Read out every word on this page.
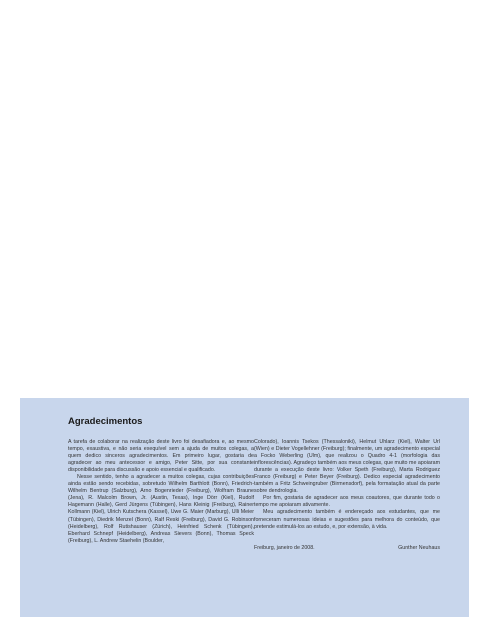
Agradecimentos

A tarefa de colaborar na realização deste livro foi desafiadora e, ao mesmo tempo, exaustiva, e não seria exequível sem a ajuda de muitos colegas, a quem dedico sinceros agradecimentos. Em primeiro lugar, gostaria de agradecer ao meu antecessor e amigo, Peter Sitte, por sua constante disponibilidade para discussão e apoio essencial e qualificado.

Nesse sentido, tenho a agradecer a muitos colegas, cujas contribuições ainda estão sendo recebidas, sobretudo Wilhelm Barthlott (Bonn), Friedrich-Wilhelm Bentrup (Salzburg), Arno Bogenrieder (Freiburg), Wolfram Braune (Jena), R. Malcolm Brown, Jr. (Austin, Texas), Inge Dörr (Kiel), Rudolf Hagemann (Halle), Gerd Jürgens (Tübingen), Hans Kleinig (Freiburg), Rainer Kollmann (Kiel), Ulrich Kutschera (Kassel), Uwe G. Maier (Marburg), Ulli Meier (Tübingen), Diedrik Menzel (Bonn), Ralf Reski (Freiburg), David G. Robinson (Heidelberg), Rolf Rutishauser (Zürich), Heinfried Schenk (Tübingen), Eberhard Schnepf (Heidelberg), Andreas Sievers (Bonn), Thomas Speck (Freiburg), L. Andrew Staehelin (Boulder,

Colorado), Ioannis Tsekos (Thessaloniki), Helmut Uhlarz (Kiel), Walter Url (Wien) e Dieter Vogellehner (Freiburg); finalmente, um agradecimento especial a Focko Weberling (Ulm), que realizou o Quadro 4-1 (morfologia das inflorescências). Agradeço também aos meus colegas, que muito me apoiaram durante a execução deste livro: Volker Speth (Freiburg), Marta Rodriguez Franco (Freiburg) e Peter Beyer (Freiburg). Dedico especial agradecimento também a Fritz Schweingruber (Birmensdorf), pela formatação atual da parte sobre dendrologia.

Por fim, gostaria de agradecer aos meus coautores, que durante todo o tempo me apoiaram ativamente.

Meu agradecimento também é endereçado aos estudantes, que me forneceram numerosas ideias e sugestões para melhora do conteúdo, que pretende estimulá-los ao estudo, e, por extensão, à vida.

Freiburg, janeiro de 2008.	Gunther Neuhaus
